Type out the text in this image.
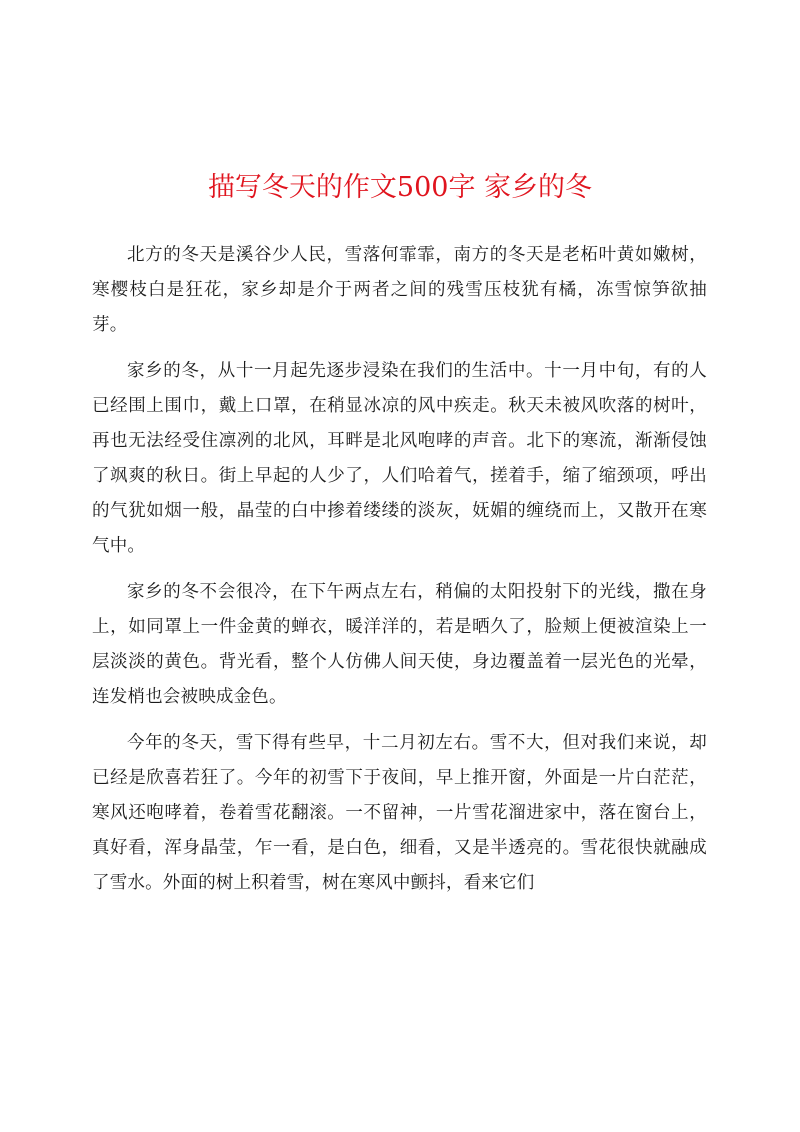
描写冬天的作文500字 家乡的冬

北方的冬天是溪谷少人民，雪落何霏霏，南方的冬天是老柘叶黄如嫩树，寒樱枝白是狂花，家乡却是介于两者之间的残雪压枝犹有橘，冻雪惊笋欲抽芽。

家乡的冬，从十一月起先逐步浸染在我们的生活中。十一月中旬，有的人已经围上围巾，戴上口罩，在稍显冰凉的风中疾走。秋天未被风吹落的树叶，再也无法经受住凛冽的北风，耳畔是北风咆哮的声音。北下的寒流，渐渐侵蚀了飒爽的秋日。街上早起的人少了，人们哈着气，搓着手，缩了缩颈项，呼出的气犹如烟一般，晶莹的白中掺着缕缕的淡灰，妩媚的缠绕而上，又散开在寒气中。

家乡的冬不会很冷，在下午两点左右，稍偏的太阳投射下的光线，撒在身上，如同罩上一件金黄的蝉衣，暖洋洋的，若是晒久了，脸颊上便被渲染上一层淡淡的黄色。背光看，整个人仿佛人间天使，身边覆盖着一层光色的光晕，连发梢也会被映成金色。

今年的冬天，雪下得有些早，十二月初左右。雪不大，但对我们来说，却已经是欣喜若狂了。今年的初雪下于夜间，早上推开窗，外面是一片白茫茫，寒风还咆哮着，卷着雪花翻滚。一不留神，一片雪花溜进家中，落在窗台上，真好看，浑身晶莹，乍一看，是白色，细看，又是半透亮的。雪花很快就融成了雪水。外面的树上积着雪，树在寒风中颤抖，看来它们
